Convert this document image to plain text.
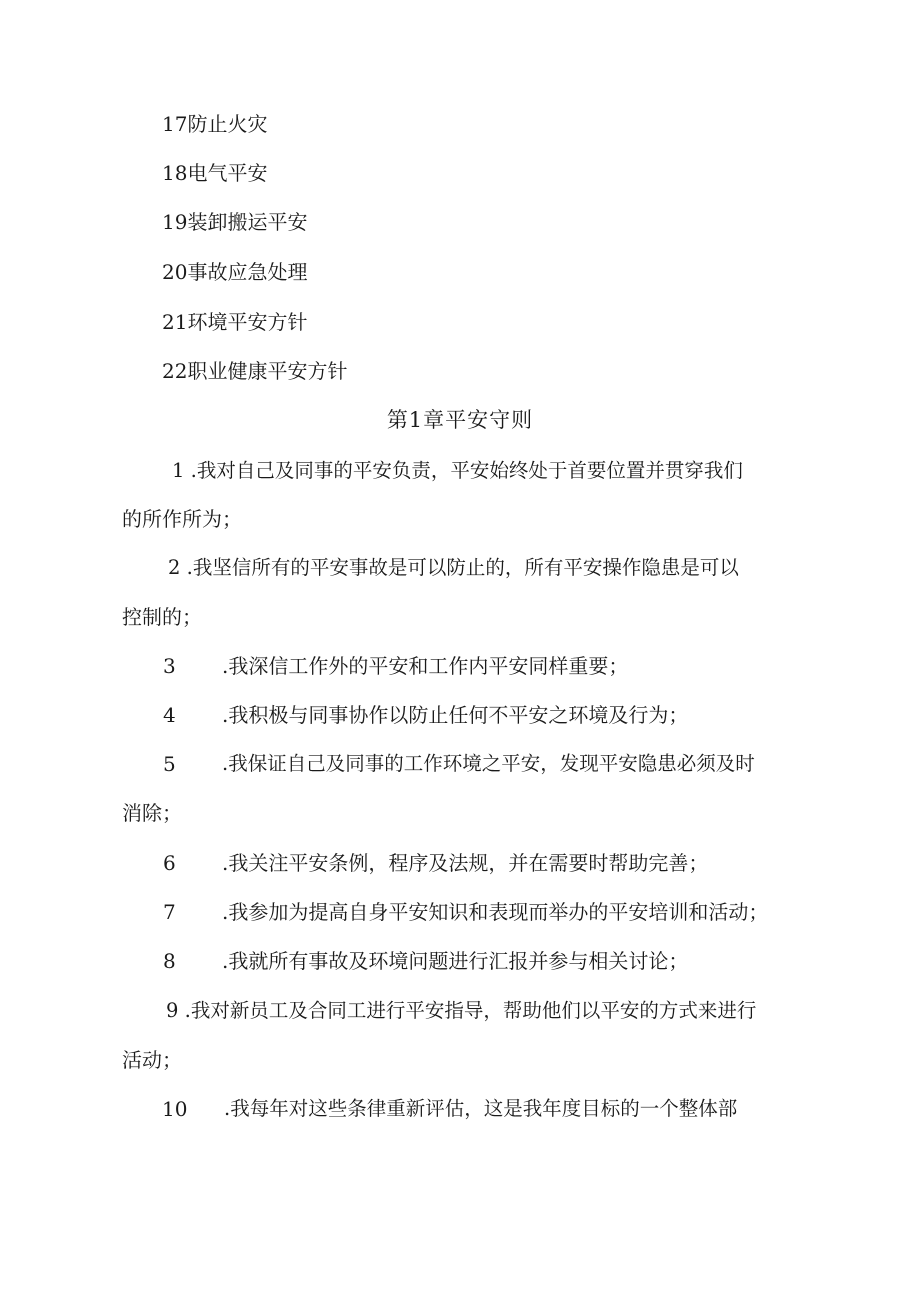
17防止火灾
18电气平安
19装卸搬运平安
20事故应急处理
21环境平安方针
22职业健康平安方针
第1章平安守则
1 .我对自己及同事的平安负责，平安始终处于首要位置并贯穿我们
的所作所为；
2 .我坚信所有的平安事故是可以防止的，所有平安操作隐患是可以
控制的；
3 .我深信工作外的平安和工作内平安同样重要；
4 .我积极与同事协作以防止任何不平安之环境及行为；
5 .我保证自己及同事的工作环境之平安，发现平安隐患必须及时
消除；
6 .我关注平安条例，程序及法规，并在需要时帮助完善；
7 .我参加为提高自身平安知识和表现而举办的平安培训和活动；
8 .我就所有事故及环境问题进行汇报并参与相关讨论；
9 .我对新员工及合同工进行平安指导，帮助他们以平安的方式来进行
活动；
10 .我每年对这些条律重新评估，这是我年度目标的一个整体部
